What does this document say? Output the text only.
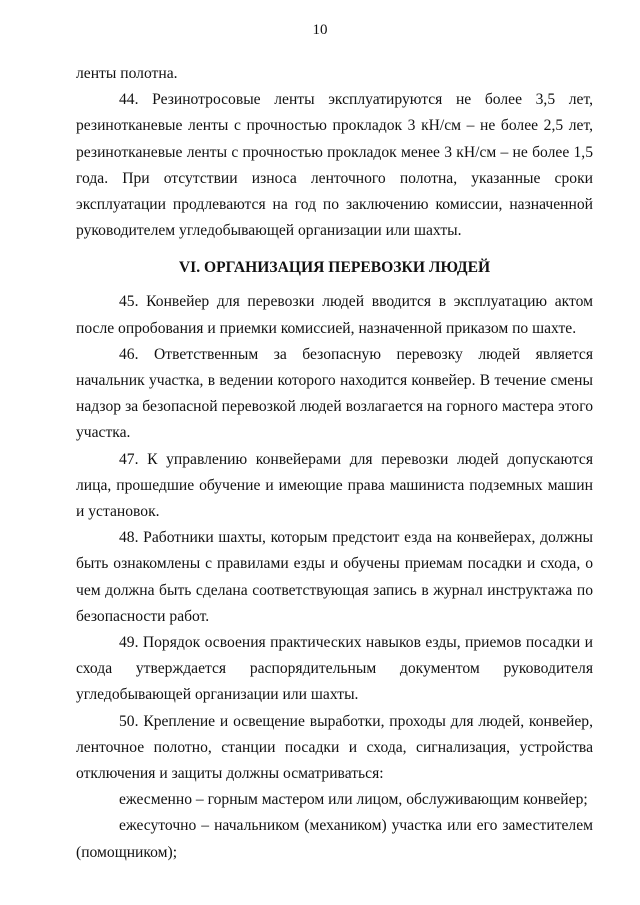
10

ленты полотна.

44. Резинотросовые ленты эксплуатируются не более 3,5 лет, резинотканевые ленты с прочностью прокладок 3 кН/см – не более 2,5 лет, резинотканевые ленты с прочностью прокладок менее 3 кН/см – не более 1,5 года. При отсутствии износа ленточного полотна, указанные сроки эксплуатации продлеваются на год по заключению комиссии, назначенной руководителем угледобывающей организации или шахты.

VI. ОРГАНИЗАЦИЯ ПЕРЕВОЗКИ ЛЮДЕЙ

45. Конвейер для перевозки людей вводится в эксплуатацию актом после опробования и приемки комиссией, назначенной приказом по шахте.

46. Ответственным за безопасную перевозку людей является начальник участка, в ведении которого находится конвейер. В течение смены надзор за безопасной перевозкой людей возлагается на горного мастера этого участка.

47. К управлению конвейерами для перевозки людей допускаются лица, прошедшие обучение и имеющие права машиниста подземных машин и установок.

48. Работники шахты, которым предстоит езда на конвейерах, должны быть ознакомлены с правилами езды и обучены приемам посадки и схода, о чем должна быть сделана соответствующая запись в журнал инструктажа по безопасности работ.

49. Порядок освоения практических навыков езды, приемов посадки и схода утверждается распорядительным документом руководителя угледобывающей организации или шахты.

50. Крепление и освещение выработки, проходы для людей, конвейер, ленточное полотно, станции посадки и схода, сигнализация, устройства отключения и защиты должны осматриваться:

ежесменно – горным мастером или лицом, обслуживающим конвейер;

ежесуточно – начальником (механиком) участка или его заместителем (помощником);
